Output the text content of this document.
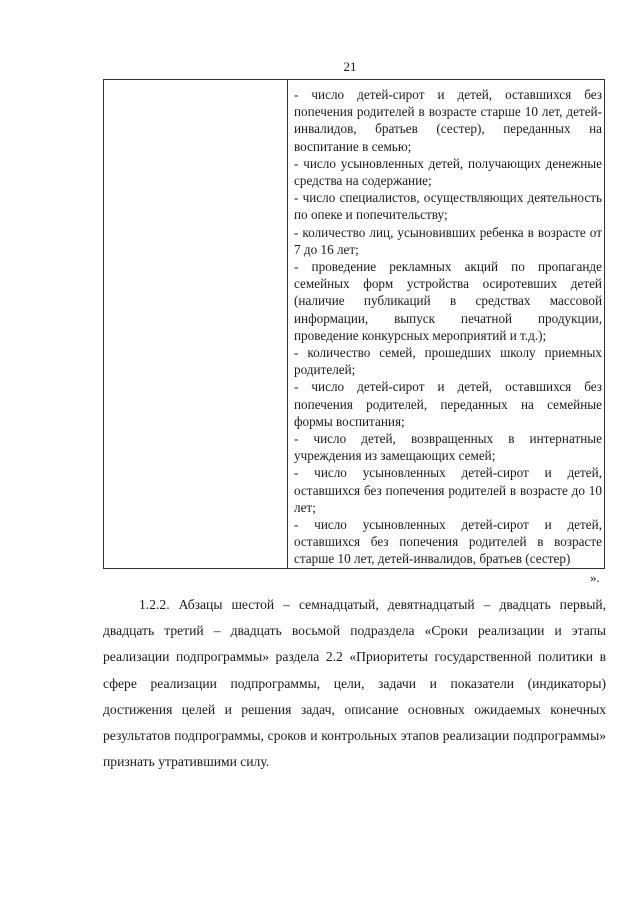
21

- число детей-сирот и детей, оставшихся без попечения родителей в возрасте старше 10 лет, детей-инвалидов, братьев (сестер), переданных на воспитание в семью;

- число усыновленных детей, получающих денежные средства на содержание;

- число специалистов, осуществляющих деятельность по опеке и попечительству;

- количество лиц, усыновивших ребенка в возрасте от 7 до 16 лет;

- проведение рекламных акций по пропаганде семейных форм устройства осиротевших детей (наличие публикаций в средствах массовой информации, выпуск печатной продукции, проведение конкурсных мероприятий и т.д.);

- количество семей, прошедших школу приемных родителей;

- число детей-сирот и детей, оставшихся без попечения родителей, переданных на семейные формы воспитания;

- число детей, возвращенных в интернатные учреждения из замещающих семей;

- число усыновленных детей-сирот и детей, оставшихся без попечения родителей в возрасте до 10 лет;

- число усыновленных детей-сирот и детей, оставшихся без попечения родителей в возрасте старше 10 лет, детей-инвалидов, братьев (сестер)

».

1.2.2. Абзацы шестой – семнадцатый, девятнадцатый – двадцать первый, двадцать третий – двадцать восьмой подраздела «Сроки реализации и этапы реализации подпрограммы» раздела 2.2 «Приоритеты государственной политики в сфере реализации подпрограммы, цели, задачи и показатели (индикаторы) достижения целей и решения задач, описание основных ожидаемых конечных результатов подпрограммы, сроков и контрольных этапов реализации подпрограммы» признать утратившими силу.
